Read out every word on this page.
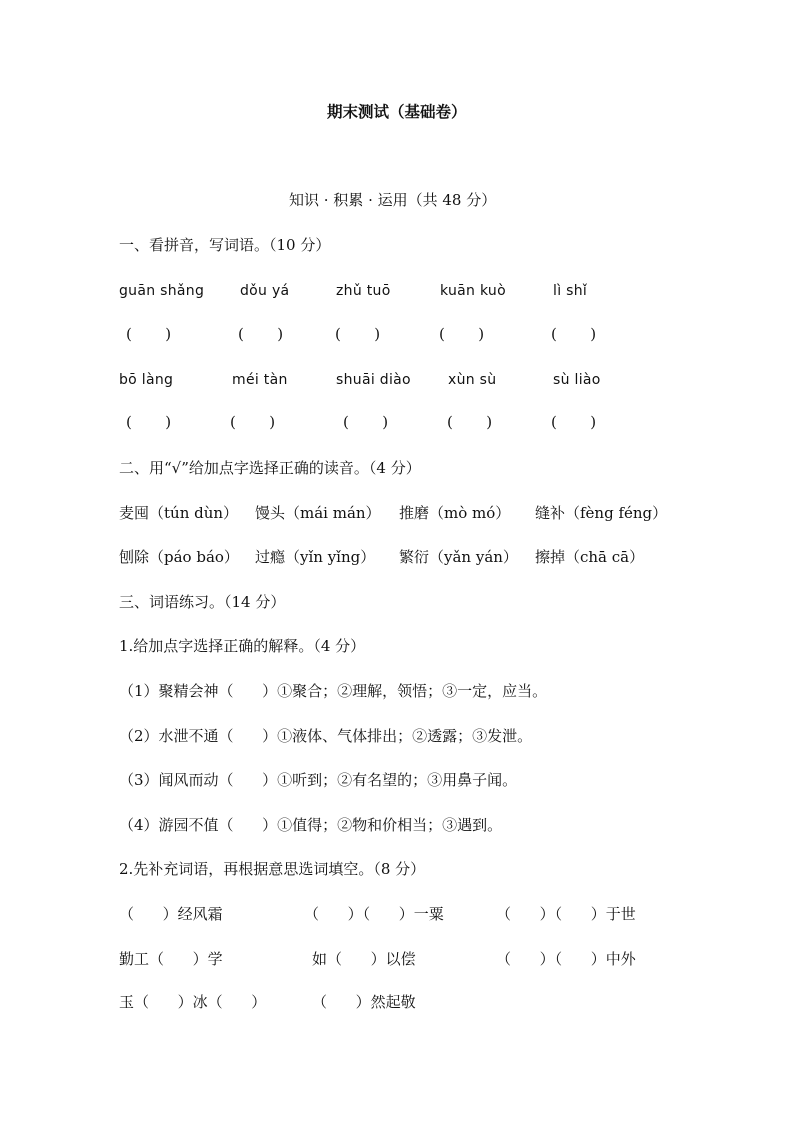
期末测试（基础卷）
知识 · 积累 · 运用（共 48 分）
一、看拼音，写词语。（10 分）
guān shǎng	dǒu yá	zhǔ tuō	kuān kuò	lì shǐ
(       )	(       )	(       )	(       )	(       )
bō làng	méi tàn	shuāi diào	xùn sù	sù liào
(       )	(       )	(       )	(       )	(       )
二、用“√”给加点字选择正确的读音。（4 分）
麦囤（tún dùn） 馒头（mái mán） 推磨（mò mó） 缝补（fèng féng）
刨除（páo báo） 过瘾（yǐn yǐng） 繁衍（yǎn yán） 擦掉（chā cā）
三、词语练习。（14 分）
1.给加点字选择正确的解释。（4 分）
（1）聚精会神（      ）①聚合；②理解，领悟；③一定，应当。
（2）水泄不通（      ）①液体、气体排出；②透露；③发泄。
（3）闻风而动（      ）①听到；②有名望的；③用鼻子闻。
（4）游园不值（      ）①值得；②物和价相当；③遇到。
2.先补充词语，再根据意思选词填空。（8 分）
（      ）经风霜	（      ）（      ）一粟	（      ）（      ）于世
勤工（      ）学	如（      ）以偿	（      ）（      ）中外
玉（      ）冰（      ）	（      ）然起敬
